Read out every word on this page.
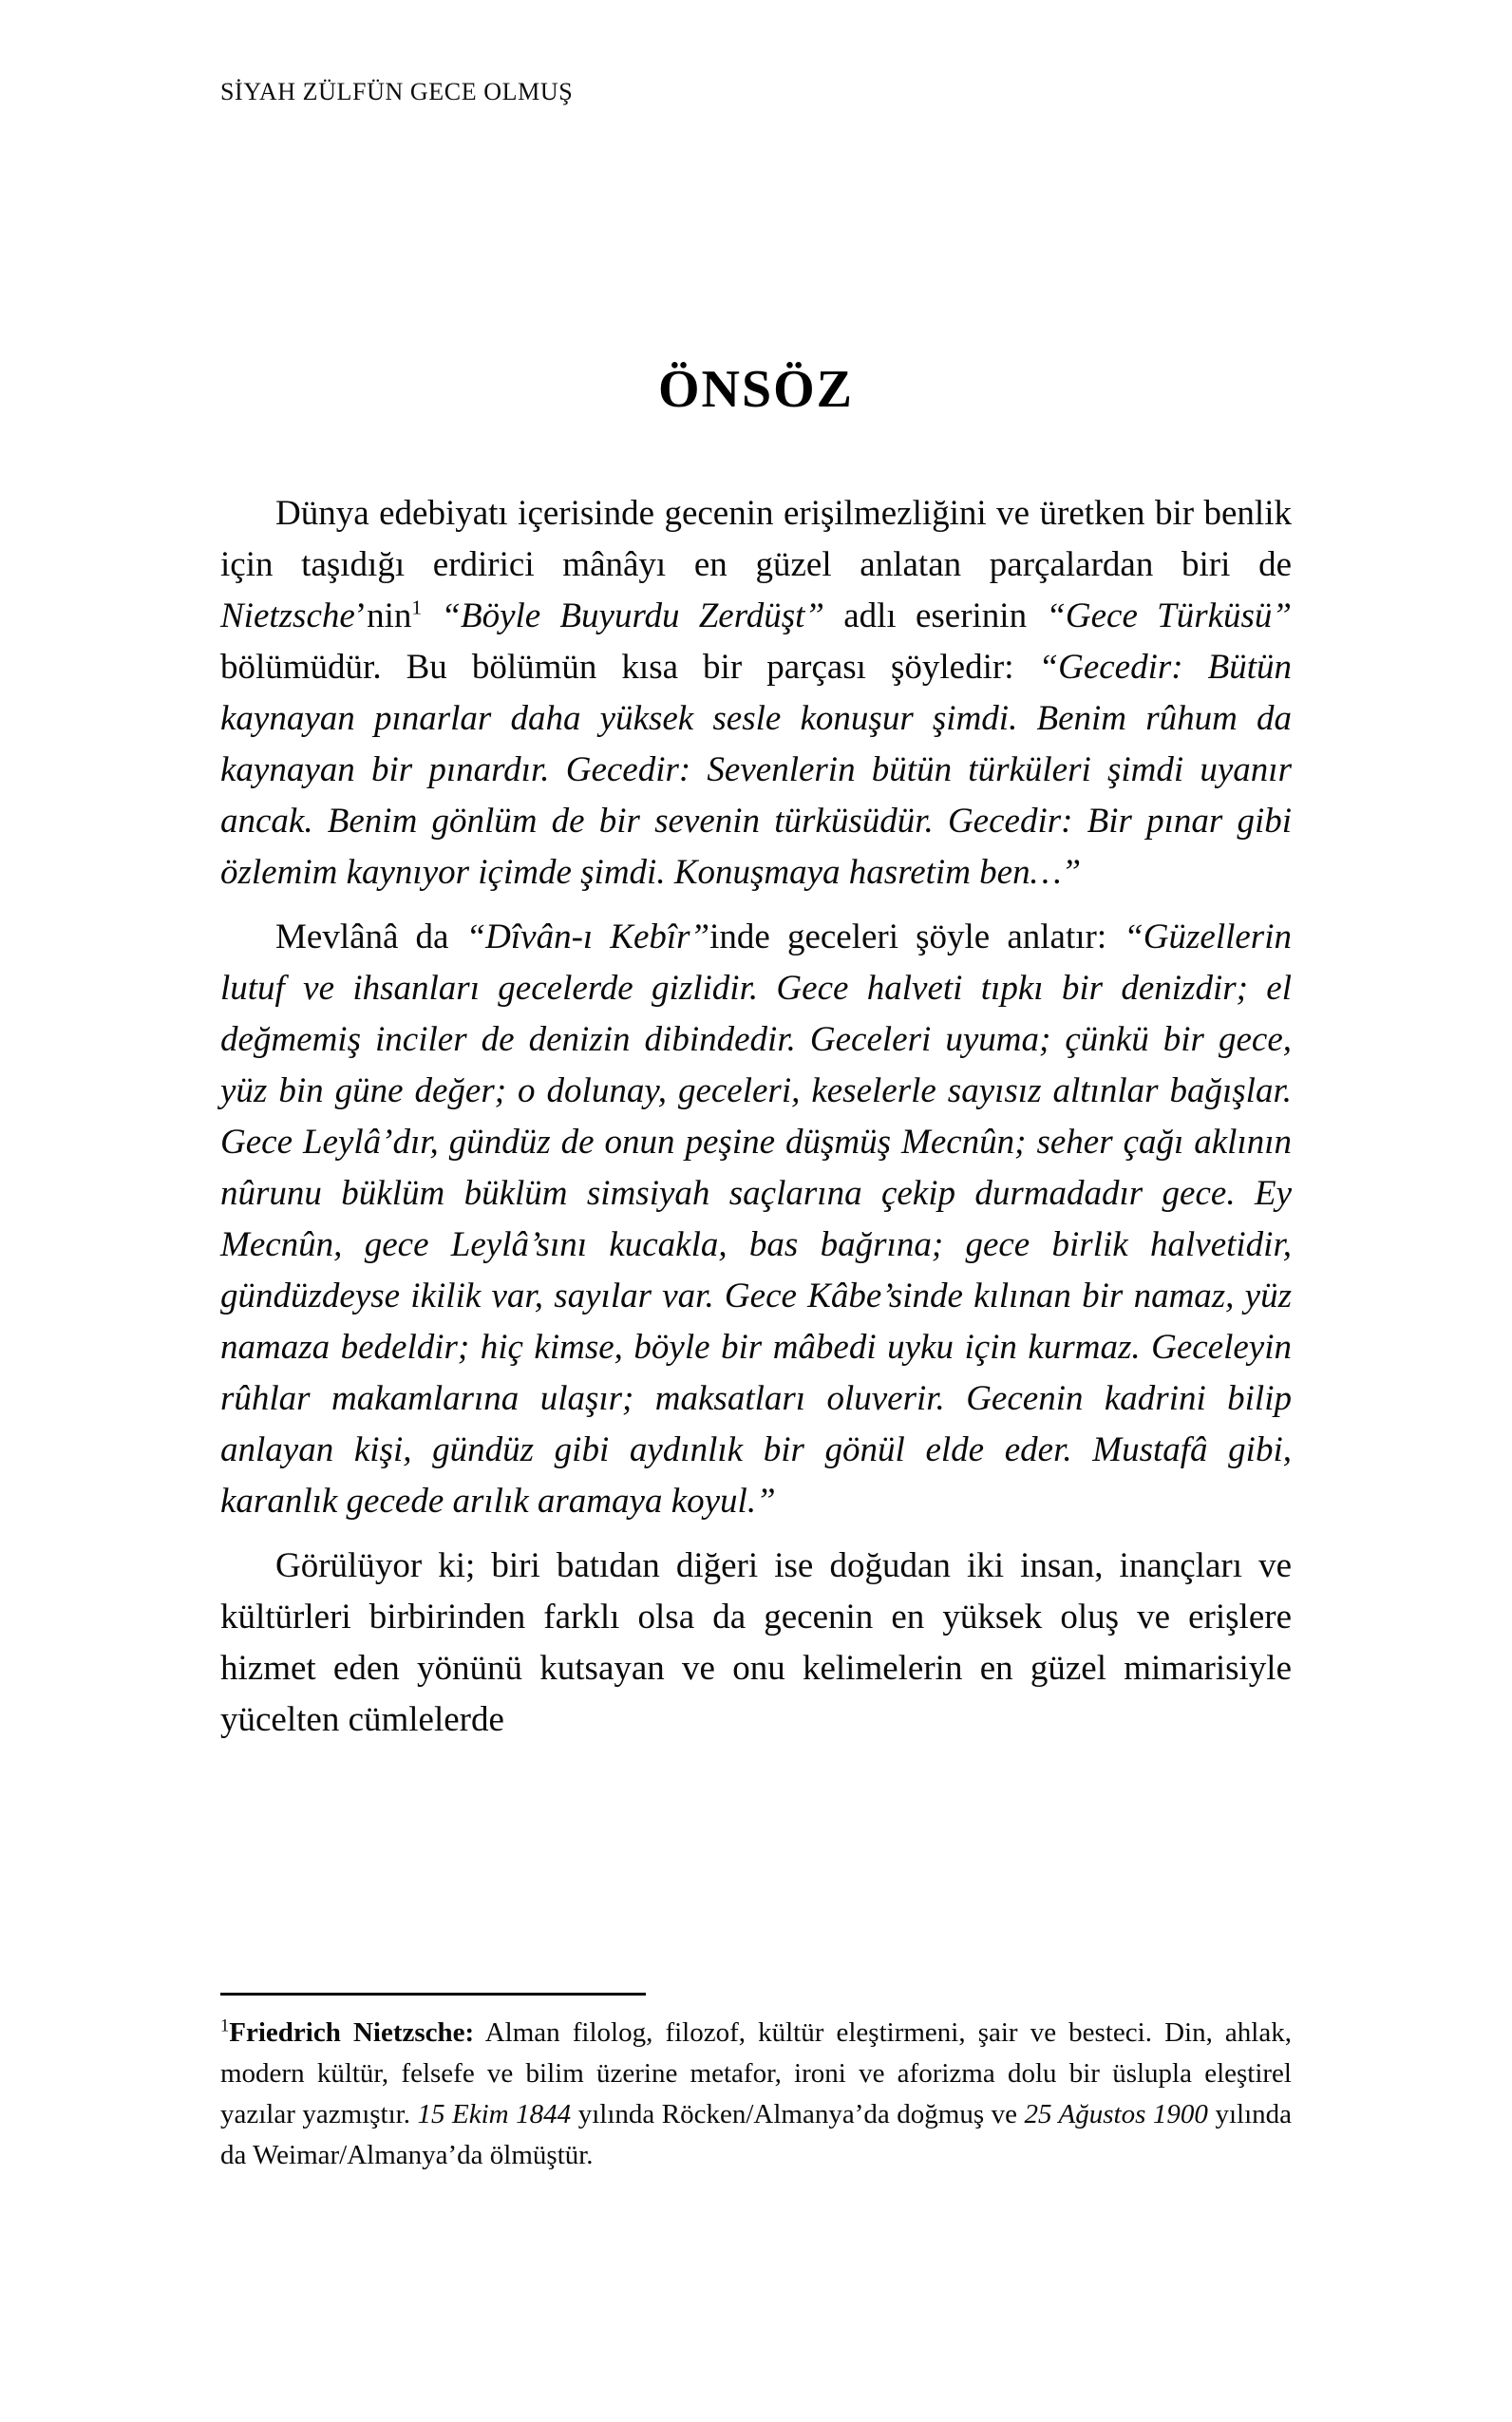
SİYAH ZÜLFÜN GECE OLMUŞ
ÖNSÖZ

Dünya edebiyatı içerisinde gecenin erişilmezliğini ve üretken bir benlik için taşıdığı erdirici mânâyı en güzel anlatan parçalardan biri de Nietzsche’nin$^1$ “Böyle Buyurdu Zerdüşt” adlı eserinin “Gece Türküsü” bölümüdür. Bu bölümün kısa bir parçası şöyledir: “Gecedir: Bütün kaynayan pınarlar daha yüksek sesle konuşur şimdi. Benim rûhum da kaynayan bir pınardır. Gecedir: Sevenlerin bütün türküleri şimdi uyanır ancak. Benim gönlüm de bir sevenin türküsüdür. Gecedir: Bir pınar gibi özlemim kaynıyor içimde şimdi. Konuşmaya hasretim ben…”

Mevlânâ da “Dîvân-ı Kebîr”inde geceleri şöyle anlatır: “Güzellerin lutuf ve ihsanları gecelerde gizlidir. Gece halveti tıpkı bir denizdir; el değmemiş inciler de denizin dibindedir. Geceleri uyuma; çünkü bir gece, yüz bin güne değer; o dolunay, geceleri, keselerle sayısız altınlar bağışlar. Gece Leylâ’dır, gündüz de onun peşine düşmüş Mecnûn; seher çağı aklının nûrunu büklüm büklüm simsiyah saçlarına çekip durmadadır gece. Ey Mecnûn, gece Leylâ’sını kucakla, bas bağrına; gece birlik halvetidir, gündüzdeyse ikilik var, sayılar var. Gece Kâbe’sinde kılınan bir namaz, yüz namaza bedeldir; hiç kimse, böyle bir mâbedi uyku için kurmaz. Geceleyin rûhlar makamlarına ulaşır; maksatları oluverir. Gecenin kadrini bilip anlayan kişi, gündüz gibi aydınlık bir gönül elde eder. Mustafâ gibi, karanlık gecede arılık aramaya koyul.”

Görülüyor ki; biri batıdan diğeri ise doğudan iki insan, inançları ve kültürleri birbirinden farklı olsa da gecenin en yüksek oluş ve erişlere hizmet eden yönünü kutsayan ve onu kelimelerin en güzel mimarisiyle yücelten cümlelerde

$^1$Friedrich Nietzsche: Alman filolog, filozof, kültür eleştirmeni, şair ve besteci. Din, ahlak, modern kültür, felsefe ve bilim üzerine metafor, ironi ve aforizma dolu bir üslupla eleştirel yazılar yazmıştır. 15 Ekim 1844 yılında Röcken/Almanya’da doğmuş ve 25 Ağustos 1900 yılında da Weimar/Almanya’da ölmüştür.
